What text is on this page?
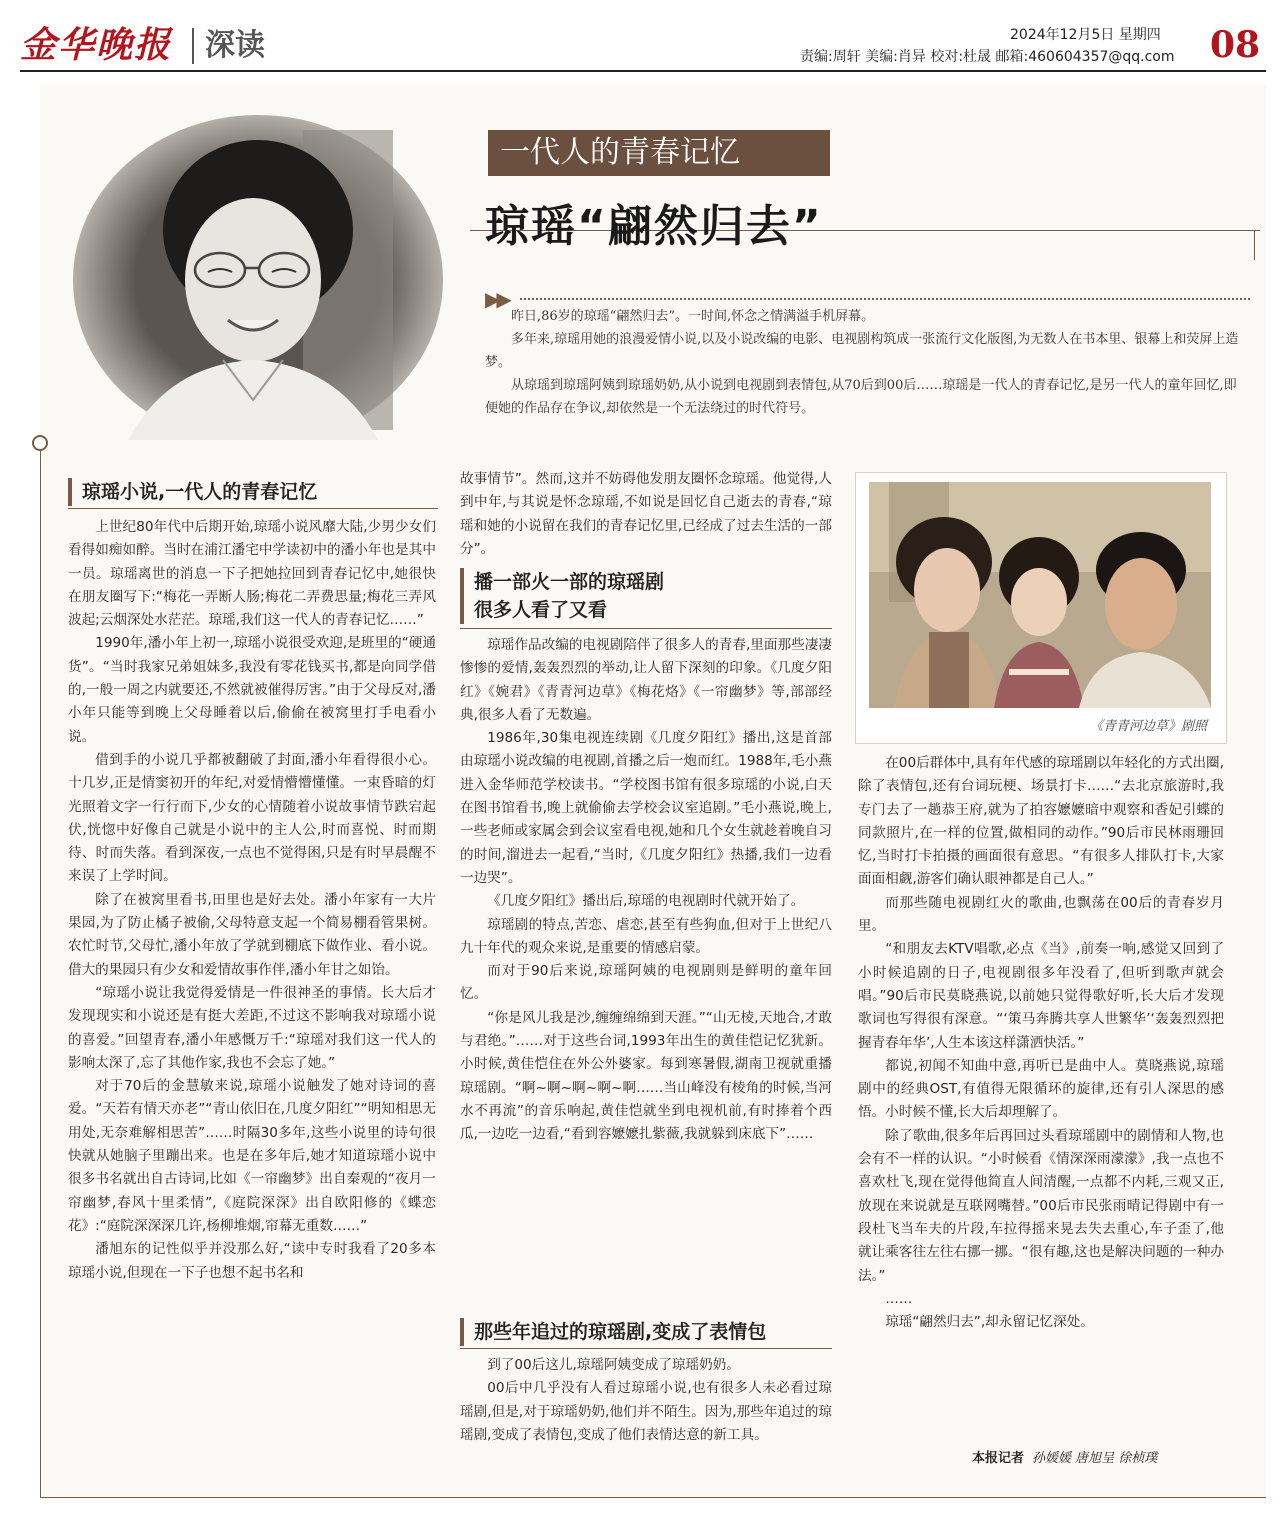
金华晚报	深读	2024年12月5日 星期四
责编:周轩 美编:肖异 校对:杜晟 邮箱:460604357@qq.com 08
一代人的青春记忆
琼瑶“翩然归去”
▶▶

昨日,86岁的琼瑶“翩然归去”。一时间,怀念之情满溢手机屏幕。

多年来,琼瑶用她的浪漫爱情小说,以及小说改编的电影、电视剧构筑成一张流行文化版图,为无数人在书本里、银幕上和荧屏上造梦。

从琼瑶到琼瑶阿姨到琼瑶奶奶,从小说到电视剧到表情包,从70后到00后……琼瑶是一代人的青春记忆,是另一代人的童年回忆,即便她的作品存在争议,却依然是一个无法绕过的时代符号。

琼瑶小说,一代人的青春记忆

上世纪80年代中后期开始,琼瑶小说风靡大陆,少男少女们看得如痴如醉。当时在浦江潘宅中学读初中的潘小年也是其中一员。琼瑶离世的消息一下子把她拉回到青春记忆中,她很快在朋友圈写下:“梅花一弄断人肠;梅花二弄费思量;梅花三弄风波起;云烟深处水茫茫。琼瑶,我们这一代人的青春记忆……”

1990年,潘小年上初一,琼瑶小说很受欢迎,是班里的“硬通货”。“当时我家兄弟姐妹多,我没有零花钱买书,都是向同学借的,一般一周之内就要还,不然就被催得厉害。”由于父母反对,潘小年只能等到晚上父母睡着以后,偷偷在被窝里打手电看小说。

借到手的小说几乎都被翻破了封面,潘小年看得很小心。十几岁,正是情窦初开的年纪,对爱情懵懵懂懂。一束昏暗的灯光照着文字一行行而下,少女的心情随着小说故事情节跌宕起伏,恍惚中好像自己就是小说中的主人公,时而喜悦、时而期待、时而失落。看到深夜,一点也不觉得困,只是有时早晨醒不来误了上学时间。

除了在被窝里看书,田里也是好去处。潘小年家有一大片果园,为了防止橘子被偷,父母特意支起一个简易棚看管果树。农忙时节,父母忙,潘小年放了学就到棚底下做作业、看小说。借大的果园只有少女和爱情故事作伴,潘小年甘之如饴。

“琼瑶小说让我觉得爱情是一件很神圣的事情。长大后才发现现实和小说还是有挺大差距,不过这不影响我对琼瑶小说的喜爱。”回望青春,潘小年感慨万千:“琼瑶对我们这一代人的影响太深了,忘了其他作家,我也不会忘了她。”

对于70后的金慧敏来说,琼瑶小说触发了她对诗词的喜爱。“天若有情天亦老”“青山依旧在,几度夕阳红”“明知相思无用处,无奈难解相思苦”……时隔30多年,这些小说里的诗句很快就从她脑子里蹦出来。也是在多年后,她才知道琼瑶小说中很多书名就出自古诗词,比如《一帘幽梦》出自秦观的“夜月一帘幽梦,春风十里柔情”,《庭院深深》出自欧阳修的《蝶恋花》:“庭院深深深几许,杨柳堆烟,帘幕无重数……”

潘旭东的记性似乎并没那么好,“读中专时我看了20多本琼瑶小说,但现在一下子也想不起书名和

故事情节”。然而,这并不妨碍他发朋友圈怀念琼瑶。他觉得,人到中年,与其说是怀念琼瑶,不如说是回忆自己逝去的青春,“琼瑶和她的小说留在我们的青春记忆里,已经成了过去生活的一部分”。

播一部火一部的琼瑶剧
很多人看了又看

琼瑶作品改编的电视剧陪伴了很多人的青春,里面那些凄凄惨惨的爱情,轰轰烈烈的举动,让人留下深刻的印象。《几度夕阳红》《婉君》《青青河边草》《梅花烙》《一帘幽梦》等,部部经典,很多人看了无数遍。

1986年,30集电视连续剧《几度夕阳红》播出,这是首部由琼瑶小说改编的电视剧,首播之后一炮而红。1988年,毛小燕进入金华师范学校读书。“学校图书馆有很多琼瑶的小说,白天在图书馆看书,晚上就偷偷去学校会议室追剧。”毛小燕说,晚上,一些老师或家属会到会议室看电视,她和几个女生就趁着晚自习的时间,溜进去一起看,“当时,《几度夕阳红》热播,我们一边看一边哭”。

《几度夕阳红》播出后,琼瑶的电视剧时代就开始了。

琼瑶剧的特点,苦恋、虐恋,甚至有些狗血,但对于上世纪八九十年代的观众来说,是重要的情感启蒙。

而对于90后来说,琼瑶阿姨的电视剧则是鲜明的童年回忆。

“你是风儿我是沙,缠缠绵绵到天涯。”“山无棱,天地合,才敢与君绝。”……对于这些台词,1993年出生的黄佳恺记忆犹新。小时候,黄佳恺住在外公外婆家。每到寒暑假,湖南卫视就重播琼瑶剧。“啊~啊~啊~啊~啊……当山峰没有棱角的时候,当河水不再流”的音乐响起,黄佳恺就坐到电视机前,有时捧着个西瓜,一边吃一边看,“看到容嬷嬷扎紫薇,我就躲到床底下”……

那些年追过的琼瑶剧,变成了表情包

到了00后这儿,琼瑶阿姨变成了琼瑶奶奶。

00后中几乎没有人看过琼瑶小说,也有很多人未必看过琼瑶剧,但是,对于琼瑶奶奶,他们并不陌生。因为,那些年追过的琼瑶剧,变成了表情包,变成了他们表情达意的新工具。

《青青河边草》剧照

在00后群体中,具有年代感的琼瑶剧以年轻化的方式出圈,除了表情包,还有台词玩梗、场景打卡……“去北京旅游时,我专门去了一趟恭王府,就为了拍容嬷嬷暗中观察和香妃引蝶的同款照片,在一样的位置,做相同的动作。”90后市民林雨珊回忆,当时打卡拍摄的画面很有意思。“有很多人排队打卡,大家面面相觑,游客们确认眼神都是自己人。”

而那些随电视剧红火的歌曲,也飘荡在00后的青春岁月里。

“和朋友去KTV唱歌,必点《当》,前奏一响,感觉又回到了小时候追剧的日子,电视剧很多年没看了,但听到歌声就会唱。”90后市民莫晓燕说,以前她只觉得歌好听,长大后才发现歌词也写得很有深意。“‘策马奔腾共享人世繁华’‘轰轰烈烈把握青春年华’,人生本该这样潇洒快活。”

都说,初闻不知曲中意,再听已是曲中人。莫晓燕说,琼瑶剧中的经典OST,有值得无限循环的旋律,还有引人深思的感悟。小时候不懂,长大后却理解了。

除了歌曲,很多年后再回过头看琼瑶剧中的剧情和人物,也会有不一样的认识。“小时候看《情深深雨濛濛》,我一点也不喜欢杜飞,现在觉得他简直人间清醒,一点都不内耗,三观又正,放现在来说就是互联网嘴替。”00后市民张雨晴记得剧中有一段杜飞当车夫的片段,车拉得摇来晃去失去重心,车子歪了,他就让乘客往左往右挪一挪。“很有趣,这也是解决问题的一种办法。”

……

琼瑶“翩然归去”,却永留记忆深处。

本报记者 孙媛媛 唐旭呈 徐桢璞
